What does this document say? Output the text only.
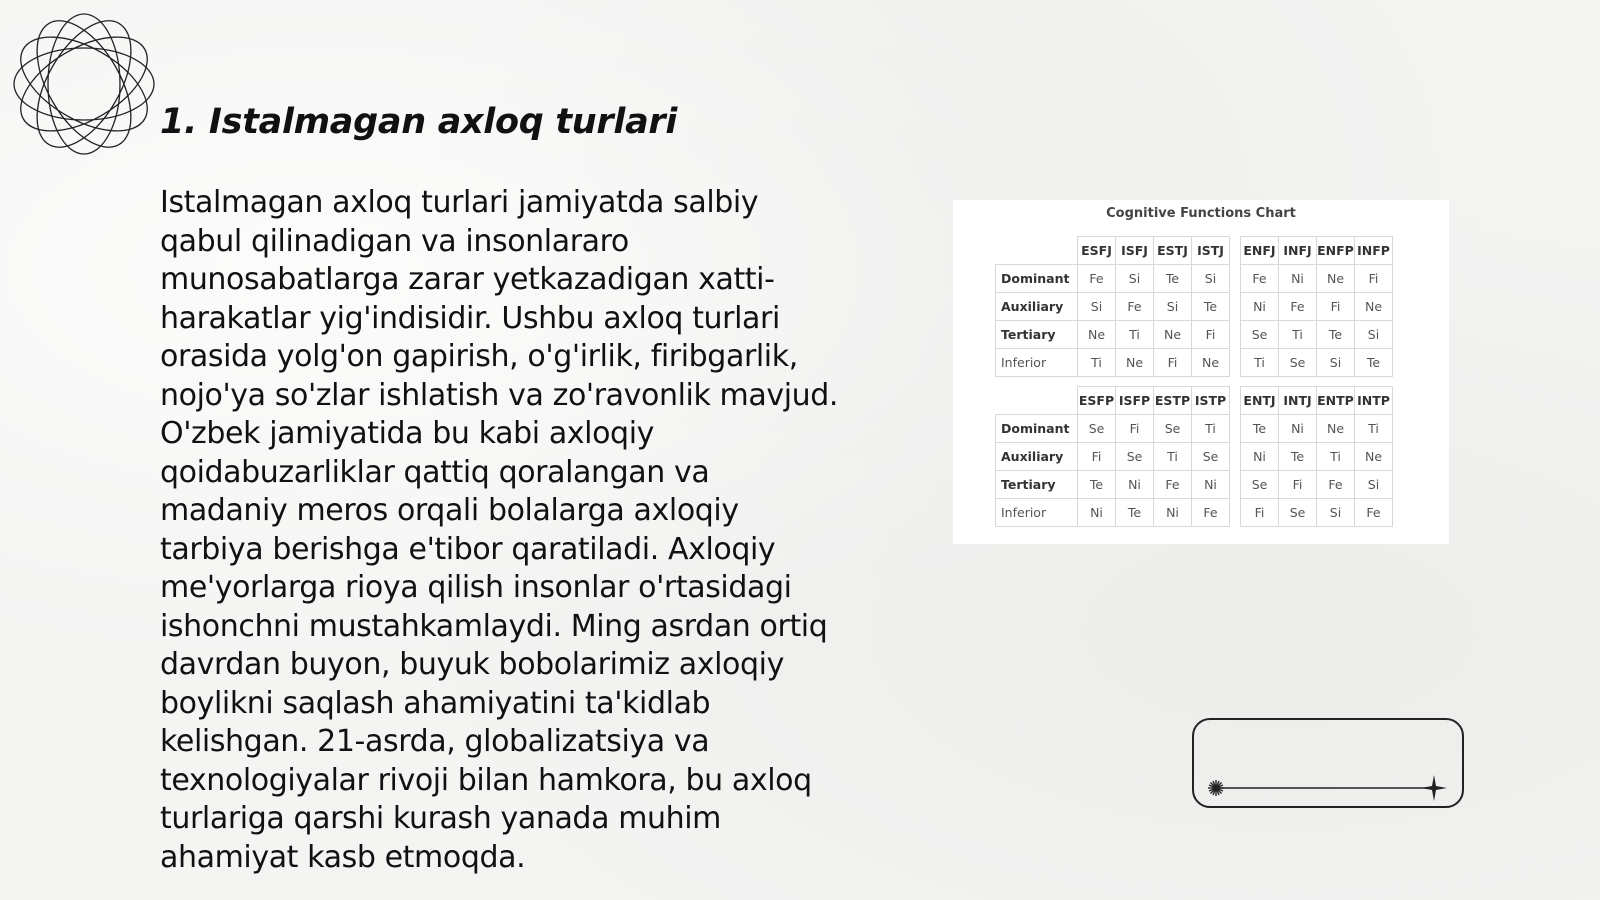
1. Istalmagan axloq turlari

Istalmagan axloq turlari jamiyatda salbiy qabul qilinadigan va insonlararo munosabatlarga zarar yetkazadigan xatti-harakatlar yig'indisidir. Ushbu axloq turlari orasida yolg'on gapirish, o'g'irlik, firibgarlik, nojo'ya so'zlar ishlatish va zo'ravonlik mavjud. O'zbek jamiyatida bu kabi axloqiy qoidabuzarliklar qattiq qoralangan va madaniy meros orqali bolalarga axloqiy tarbiya berishga e'tibor qaratiladi. Axloqiy me'yorlarga rioya qilish insonlar o'rtasidagi ishonchni mustahkamlaydi. Ming asrdan ortiq davrdan buyon, buyuk bobolarimiz axloqiy boylikni saqlash ahamiyatini ta'kidlab kelishgan. 21-asrda, globalizatsiya va texnologiyalar rivoji bilan hamkora, bu axloq turlariga qarshi kurash yanada muhim ahamiyat kasb etmoqda.

Cognitive Functions Chart
	ESFJ	ISFJ	ESTJ	ISTJ		ENFJ	INFJ	ENFP	INFP
Dominant	Fe	Si	Te	Si		Fe	Ni	Ne	Fi
Auxiliary	Si	Fe	Si	Te		Ni	Fe	Fi	Ne
Tertiary	Ne	Ti	Ne	Fi		Se	Ti	Te	Si
Inferior	Ti	Ne	Fi	Ne		Ti	Se	Si	Te
	ESFP	ISFP	ESTP	ISTP		ENTJ	INTJ	ENTP	INTP
Dominant	Se	Fi	Se	Ti		Te	Ni	Ne	Ti
Auxiliary	Fi	Se	Ti	Se		Ni	Te	Ti	Ne
Tertiary	Te	Ni	Fe	Ni		Se	Fi	Fe	Si
Inferior	Ni	Te	Ni	Fe		Fi	Se	Si	Fe
